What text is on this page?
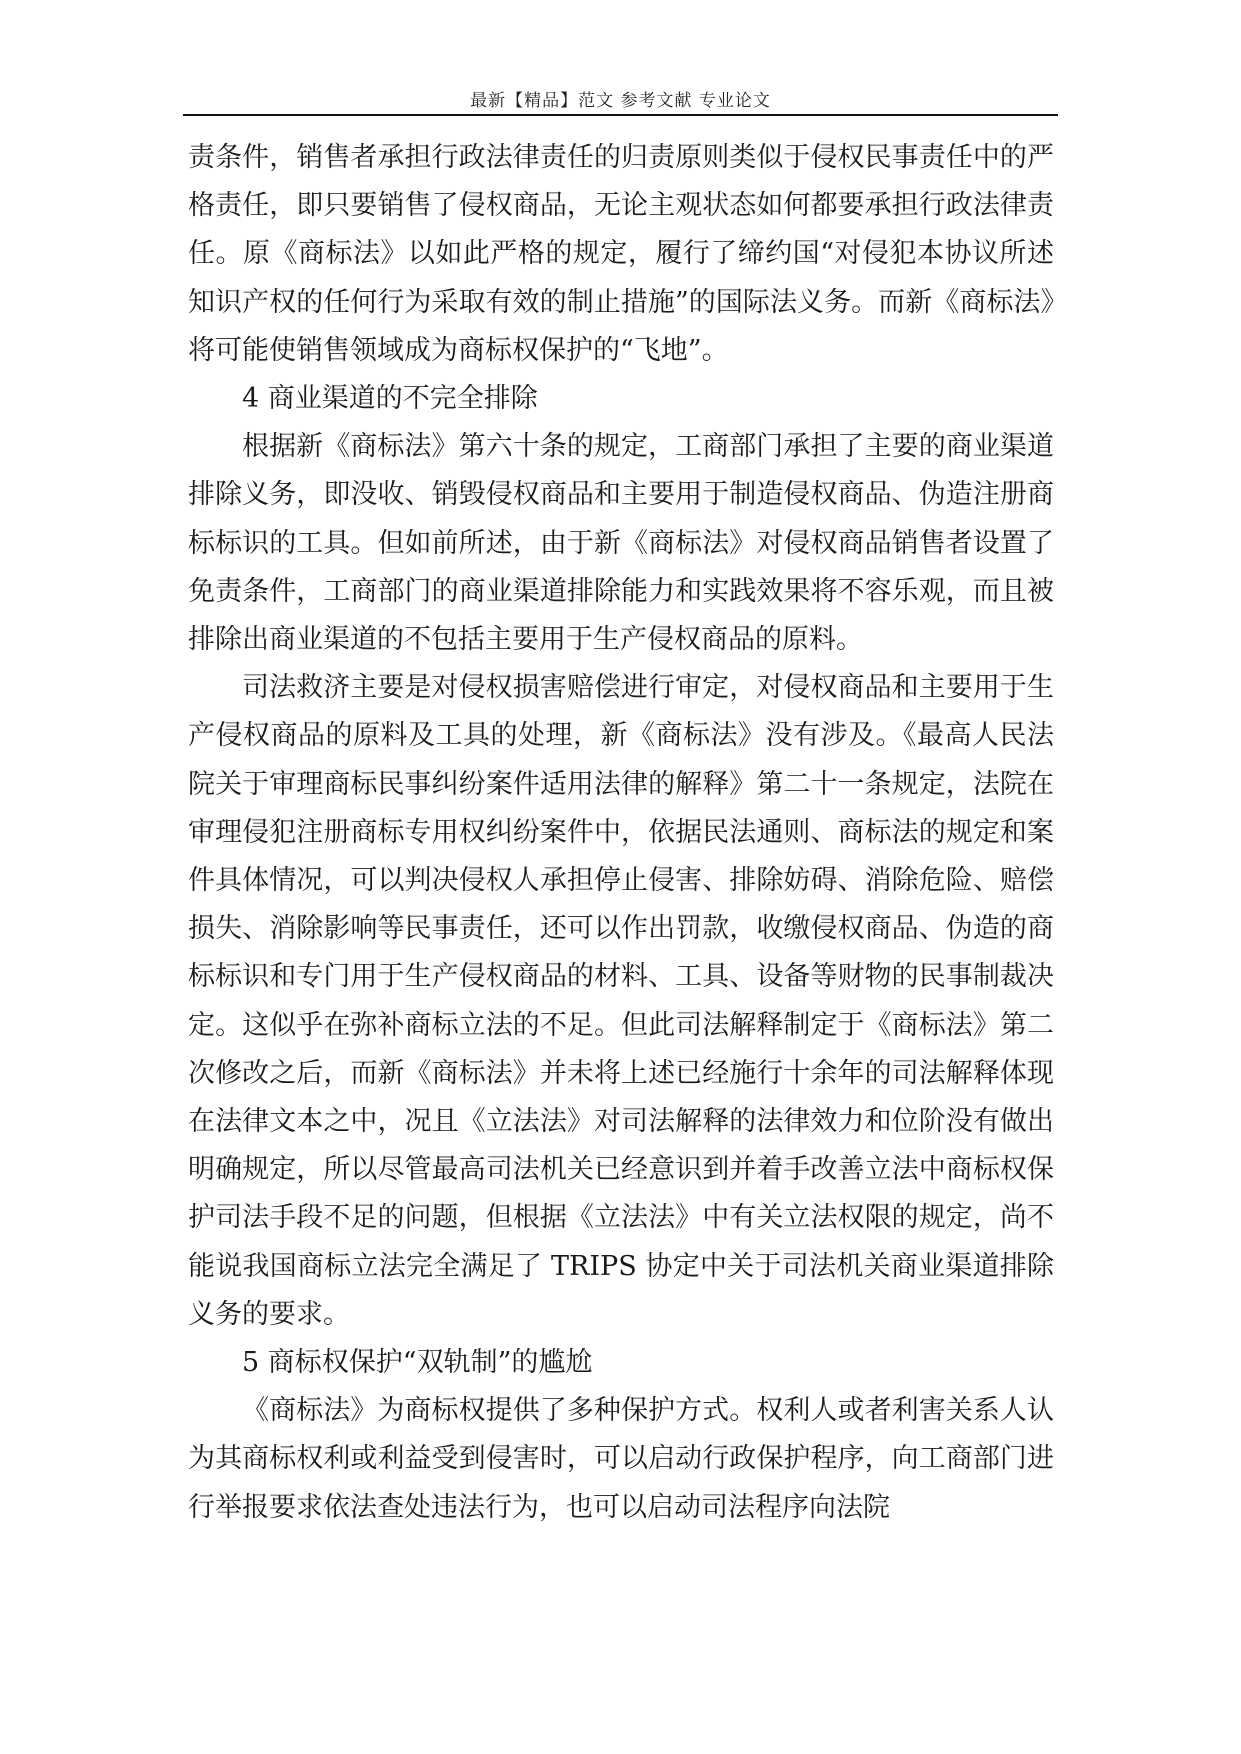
最新【精品】范文 参考文献 专业论文

责条件，销售者承担行政法律责任的归责原则类似于侵权民事责任中的严格责任，即只要销售了侵权商品，无论主观状态如何都要承担行政法律责任。原《商标法》以如此严格的规定，履行了缔约国“对侵犯本协议所述知识产权的任何行为采取有效的制止措施”的国际法义务。而新《商标法》将可能使销售领域成为商标权保护的“飞地”。

4 商业渠道的不完全排除

根据新《商标法》第六十条的规定，工商部门承担了主要的商业渠道排除义务，即没收、销毁侵权商品和主要用于制造侵权商品、伪造注册商标标识的工具。但如前所述，由于新《商标法》对侵权商品销售者设置了免责条件，工商部门的商业渠道排除能力和实践效果将不容乐观，而且被排除出商业渠道的不包括主要用于生产侵权商品的原料。

司法救济主要是对侵权损害赔偿进行审定，对侵权商品和主要用于生产侵权商品的原料及工具的处理，新《商标法》没有涉及。《最高人民法院关于审理商标民事纠纷案件适用法律的解释》第二十一条规定，法院在审理侵犯注册商标专用权纠纷案件中，依据民法通则、商标法的规定和案件具体情况，可以判决侵权人承担停止侵害、排除妨碍、消除危险、赔偿损失、消除影响等民事责任，还可以作出罚款，收缴侵权商品、伪造的商标标识和专门用于生产侵权商品的材料、工具、设备等财物的民事制裁决定。这似乎在弥补商标立法的不足。但此司法解释制定于《商标法》第二次修改之后，而新《商标法》并未将上述已经施行十余年的司法解释体现在法律文本之中，况且《立法法》对司法解释的法律效力和位阶没有做出明确规定，所以尽管最高司法机关已经意识到并着手改善立法中商标权保护司法手段不足的问题，但根据《立法法》中有关立法权限的规定，尚不能说我国商标立法完全满足了 TRIPS 协定中关于司法机关商业渠道排除义务的要求。

5 商标权保护“双轨制”的尴尬

《商标法》为商标权提供了多种保护方式。权利人或者利害关系人认为其商标权利或利益受到侵害时，可以启动行政保护程序，向工商部门进行举报要求依法查处违法行为，也可以启动司法程序向法院
